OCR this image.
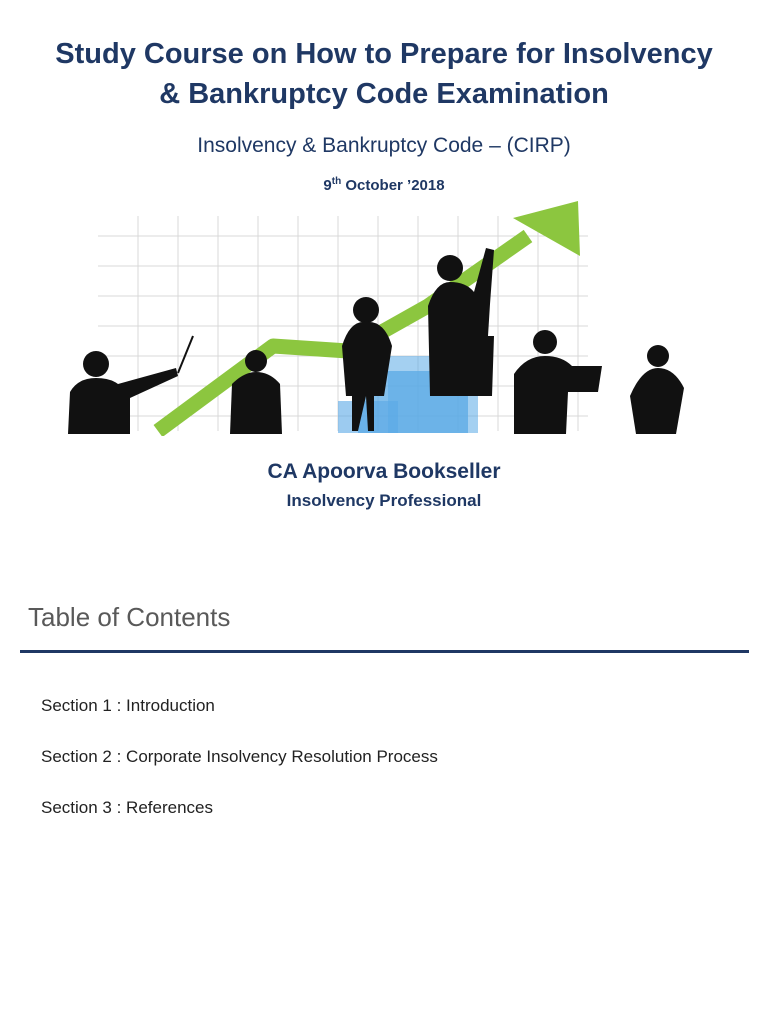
Study Course on How to Prepare for Insolvency
& Bankruptcy Code Examination
Insolvency & Bankruptcy Code – (CIRP)
9th October ’2018
CA Apoorva Bookseller
Insolvency Professional
Table of Contents
Section 1 : Introduction
Section 2 : Corporate Insolvency Resolution Process
Section 3 : References
